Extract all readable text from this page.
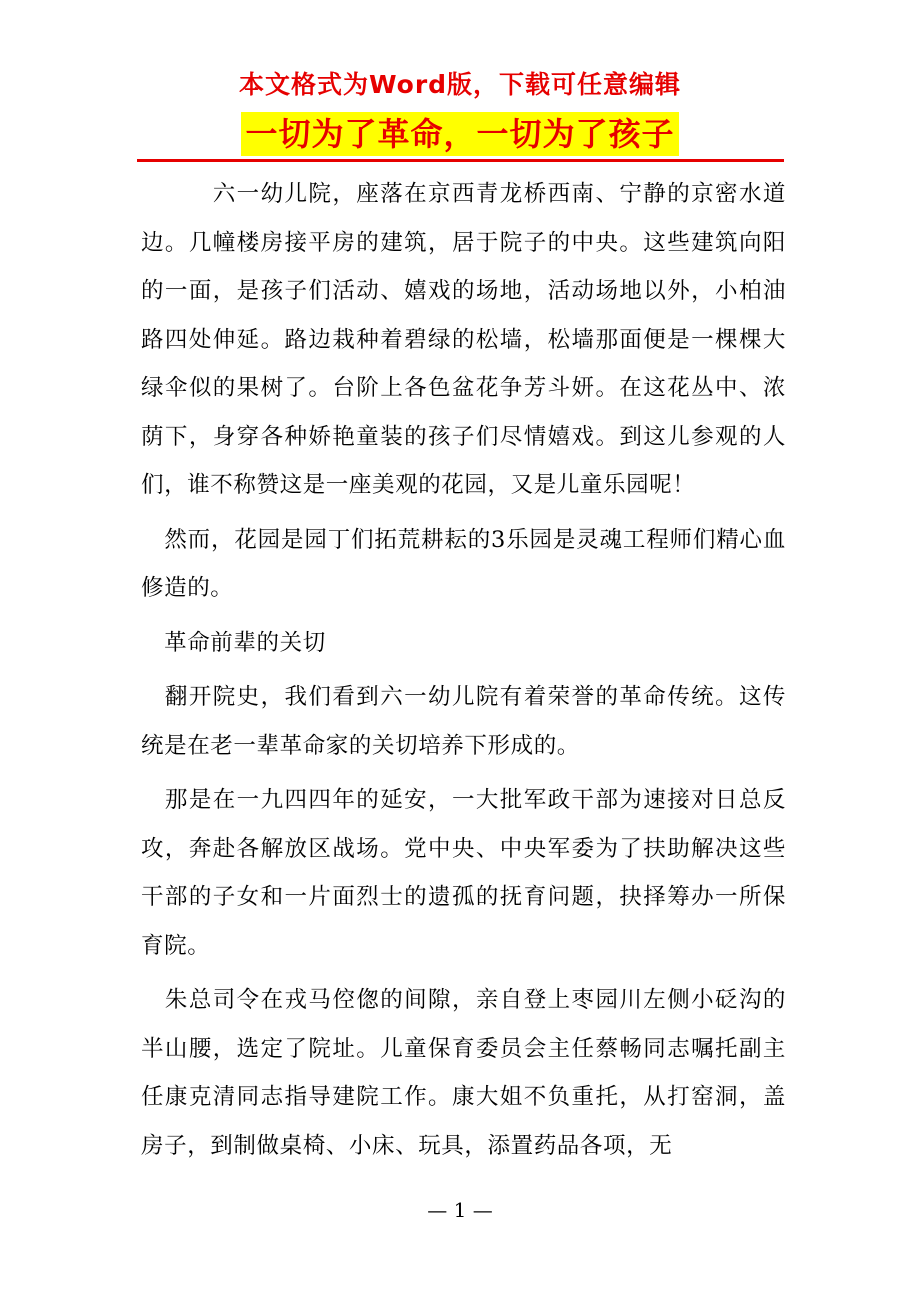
本文格式为Word版，下载可任意编辑
一切为了革命，一切为了孩子

　　　六一幼儿院，座落在京西青龙桥西南、宁静的京密水道边。几幢楼房接平房的建筑，居于院子的中央。这些建筑向阳的一面，是孩子们活动、嬉戏的场地，活动场地以外，小柏油路四处伸延。路边栽种着碧绿的松墙，松墙那面便是一棵棵大绿伞似的果树了。台阶上各色盆花争芳斗妍。在这花丛中、浓荫下，身穿各种娇艳童装的孩子们尽情嬉戏。到这儿参观的人们，谁不称赞这是一座美观的花园，又是儿童乐园呢！

　然而，花园是园丁们拓荒耕耘的3乐园是灵魂工程师们精心血修造的。

　革命前辈的关切

　翻开院史，我们看到六一幼儿院有着荣誉的革命传统。这传统是在老一辈革命家的关切培养下形成的。

　那是在一九四四年的延安，一大批军政干部为速接对日总反攻，奔赴各解放区战场。党中央、中央军委为了扶助解决这些干部的子女和一片面烈士的遗孤的抚育问题，抉择筹办一所保育院。

　朱总司令在戎马倥偬的间隙，亲自登上枣园川左侧小砭沟的半山腰，选定了院址。儿童保育委员会主任蔡畅同志嘱托副主任康克清同志指导建院工作。康大姐不负重托，从打窑洞，盖房子，到制做桌椅、小床、玩具，添置药品各项，无

— 1 —
